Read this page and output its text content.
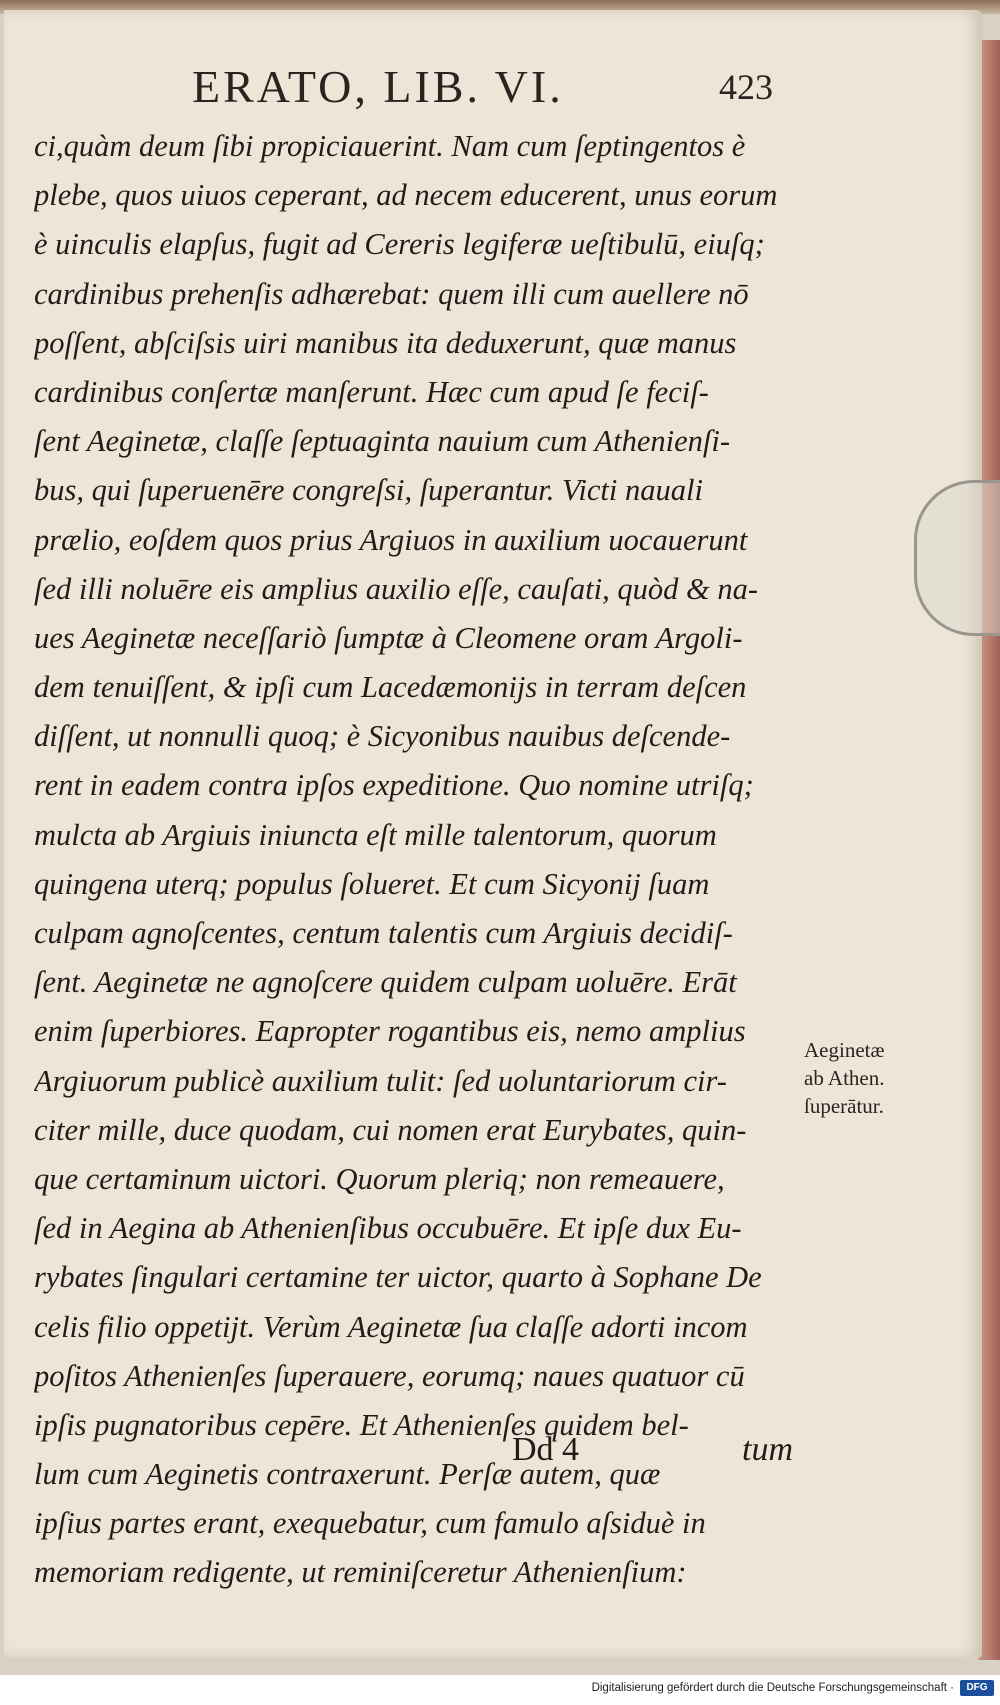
ERATO, LIB. VI.	423
ci,quàm deum ſibi propiciauerint. Nam cum ſeptingentos è
plebe, quos uiuos ceperant, ad necem educerent, unus eorum
è uinculis elapſus, fugit ad Cereris legiferæ ueſtibulū, eiuſq;
cardinibus prehenſis adhærebat: quem illi cum auellere nō
poſſent, abſciſsis uiri manibus ita deduxerunt, quæ manus
cardinibus conſertæ manſerunt. Hæc cum apud ſe feciſ-
ſent Aeginetæ, claſſe ſeptuaginta nauium cum Athenienſi-
bus, qui ſuperuenēre congreſsi, ſuperantur. Victi nauali
prælio, eoſdem quos prius Argiuos in auxilium uocauerunt
ſed illi noluēre eis amplius auxilio eſſe, cauſati, quòd & na-
ues Aeginetæ neceſſariò ſumptæ à Cleomene oram Argoli-
dem tenuiſſent, & ipſi cum Lacedæmonijs in terram deſcen
diſſent, ut nonnulli quoq; è Sicyonibus nauibus deſcende-
rent in eadem contra ipſos expeditione. Quo nomine utriſq;
mulcta ab Argiuis iniuncta eſt mille talentorum, quorum
quingena uterq; populus ſolueret. Et cum Sicyonij ſuam
culpam agnoſcentes, centum talentis cum Argiuis decidiſ-
ſent. Aeginetæ ne agnoſcere quidem culpam uoluēre. Erāt
enim ſuperbiores. Eapropter rogantibus eis, nemo amplius
Argiuorum publicè auxilium tulit: ſed uoluntariorum cir-
citer mille, duce quodam, cui nomen erat Eurybates, quin-
que certaminum uictori. Quorum pleriq; non remeauere,
ſed in Aegina ab Athenienſibus occubuēre. Et ipſe dux Eu-
rybates ſingulari certamine ter uictor, quarto à Sophane De
celis filio oppetijt. Verùm Aeginetæ ſua claſſe adorti incom
poſitos Athenienſes ſuperauere, eorumq; naues quatuor cū
ipſis pugnatoribus cepēre. Et Athenienſes quidem bel-
lum cum Aeginetis contraxerunt. Perſæ autem, quæ
ipſius partes erant, exequebatur, cum famulo aſsiduè in
memoriam redigente, ut reminiſceretur Athenienſium:
Aeginetæ
ab Athen.
ſuperātur.
Dd 4	tum
Digitalisierung gefördert durch die Deutsche Forschungsgemeinschaft ·	DFG
